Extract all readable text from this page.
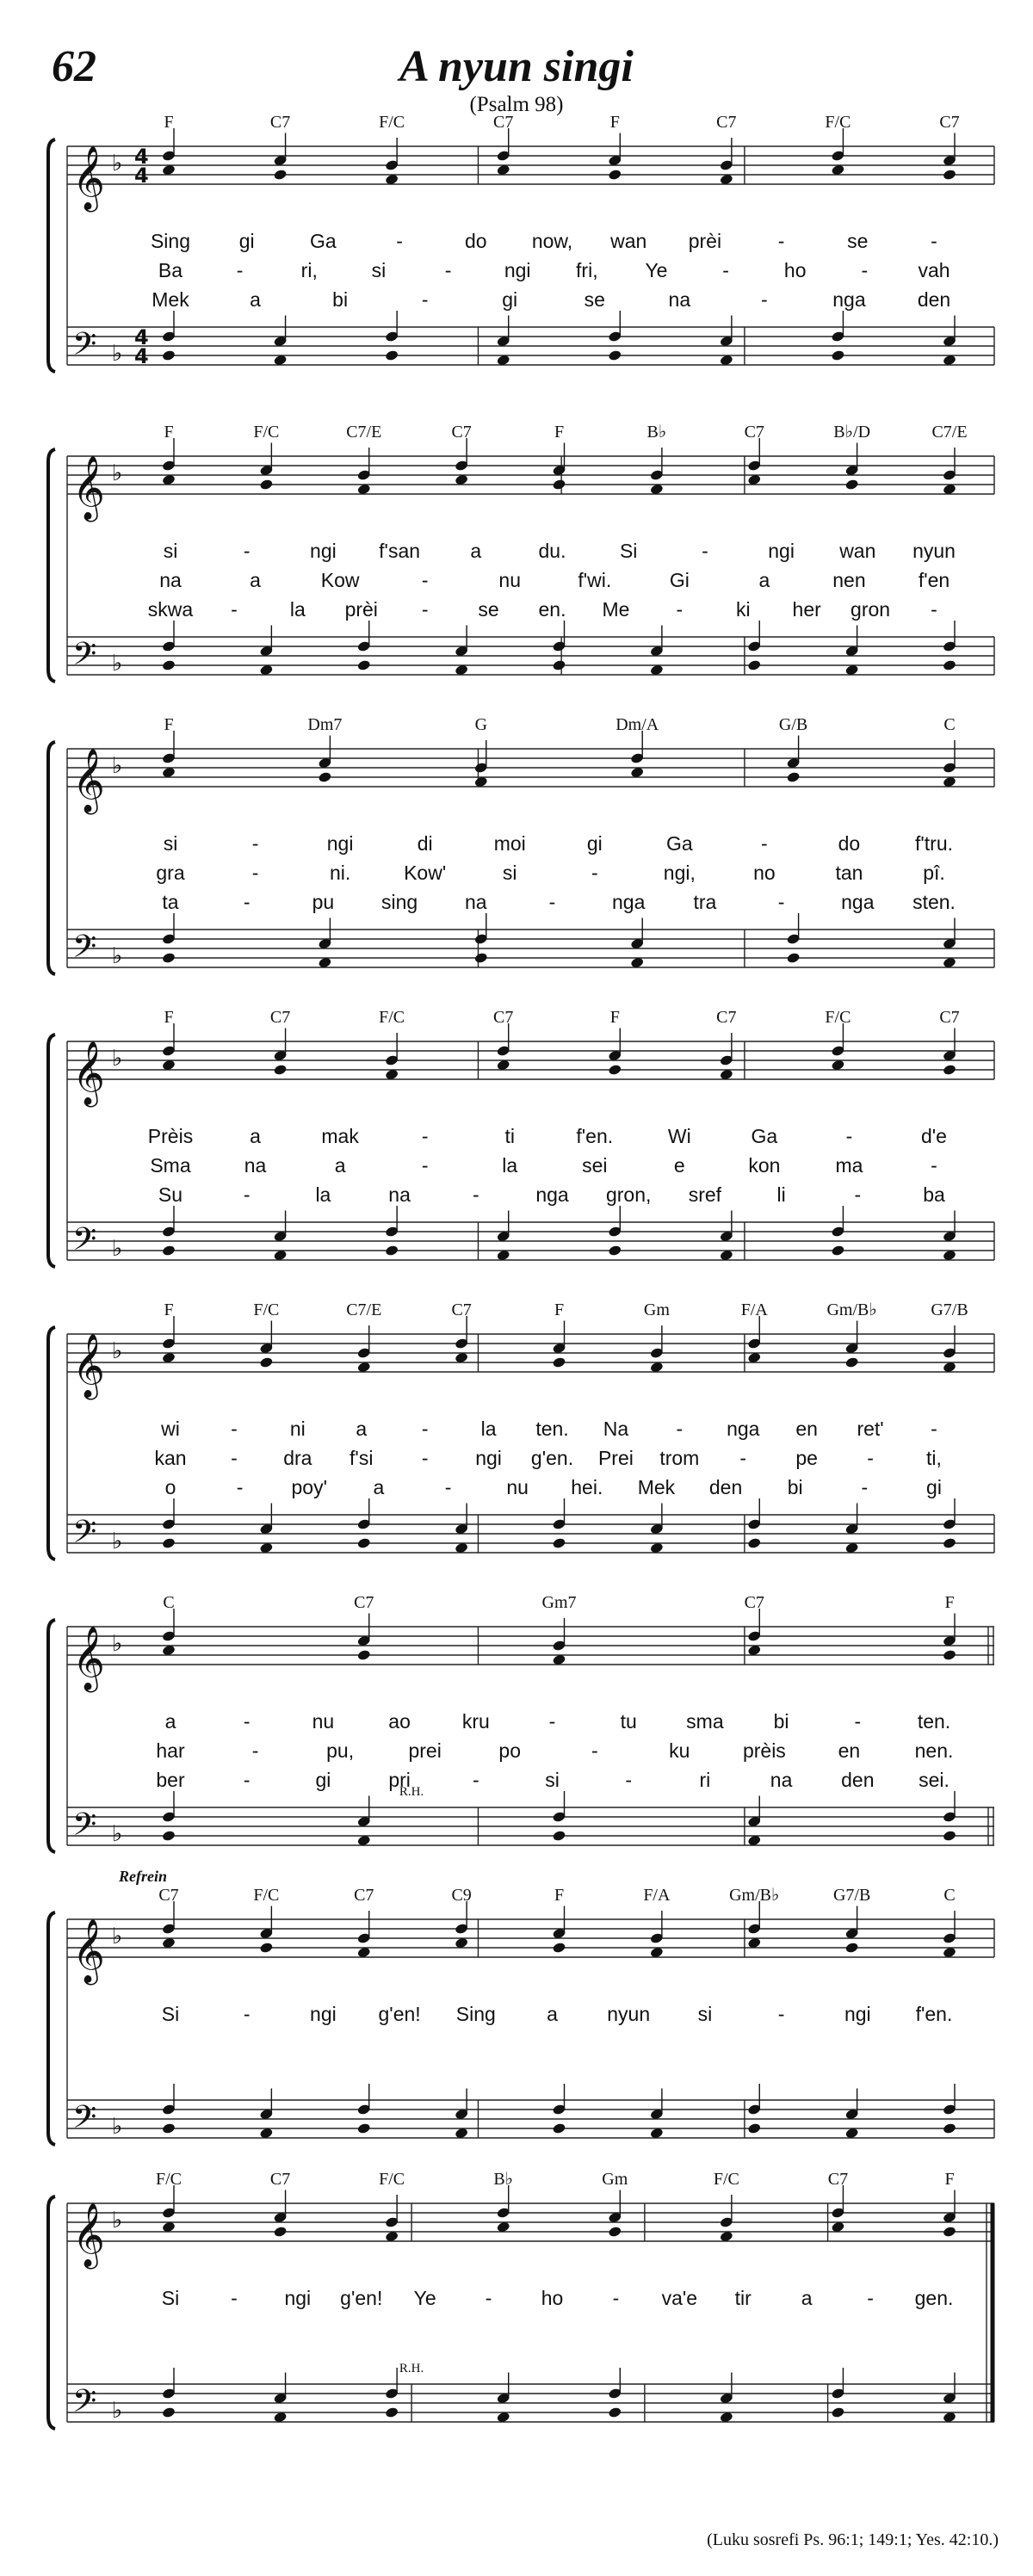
62	A nyun singi
(Psalm 98)
𝄞 ♭ 4
4
𝄢 ♭
4
4
F	C7	F/C	C7	F	C7	F/C	C7
Sing gi	Ga	-	do now, wan prèi	-	se	-
Ba	-	ri,	si	-	ngi fri, Ye	-	ho	-	vah
Mek	a	bi	-	gi	se	na	-	nga	den
𝄞 ♭
𝄢 ♭
F	F/C	C7/E	C7	F	B♭	C7	B♭/D	C7/E
si	-	ngi f'san	a	du.	Si	-	ngi wan nyun
na	a	Kow	-	nu	f'wi.	Gi	a	nen	f'en
skwa -	la prèi -	se en. Me -	ki her gron -
𝄞 ♭
𝄢 ♭
F	Dm7	G	Dm/A	G/B	C
si	-	ngi	di	moi	gi	Ga	-	do	f'tru.
gra	-	ni.	Kow'	si	-	ngi,	no	tan	pî.
ta	-	pu sing na	-	nga tra	-	nga sten.
𝄞 ♭
𝄢 ♭
F	C7	F/C	C7	F	C7	F/C	C7
Prèis	a	mak	-	ti	f'en.	Wi	Ga	-	d'e
Sma	na	a	-	la	sei	e	kon	ma	-
Su	-	la	na	-	nga gron, sref	li	-	ba
𝄞 ♭
𝄢 ♭
F	F/C	C7/E	C7	F	Gm	F/A	Gm/B♭	G7/B
wi	-	ni	a	-	la ten. Na - nga en ret' -
kan - dra f'si - ngi g'en. Prei trom - pe -	ti,
o	- poy' a	-	nu hei. Mek den bi	-	gi
𝄞 ♭
𝄢 ♭
C	C7	Gm7	C7	F
a	-	nu	ao	kru	-	tu sma	bi	-	ten.
har	-	pu,	prei	po	-	ku	prèis	en	nen.
ber	-	gi	pri	-	si	-	ri	na den sei.
R.H.
𝄞 ♭
𝄢 ♭
C7	F/C	C7	C9	F	F/A	Gm/B♭	G7/B	C
Si	-	ngi g'en! Sing	a nyun si	-	ngi f'en.
Refrein
𝄞 ♭
𝄢 ♭
F/C	C7	F/C	B♭	Gm	F/C	C7	F
Si	- ngi g'en! Ye - ho - va'e tir	a	- gen.
R.H.
(Luku sosrefi Ps. 96:1; 149:1; Yes. 42:10.)
